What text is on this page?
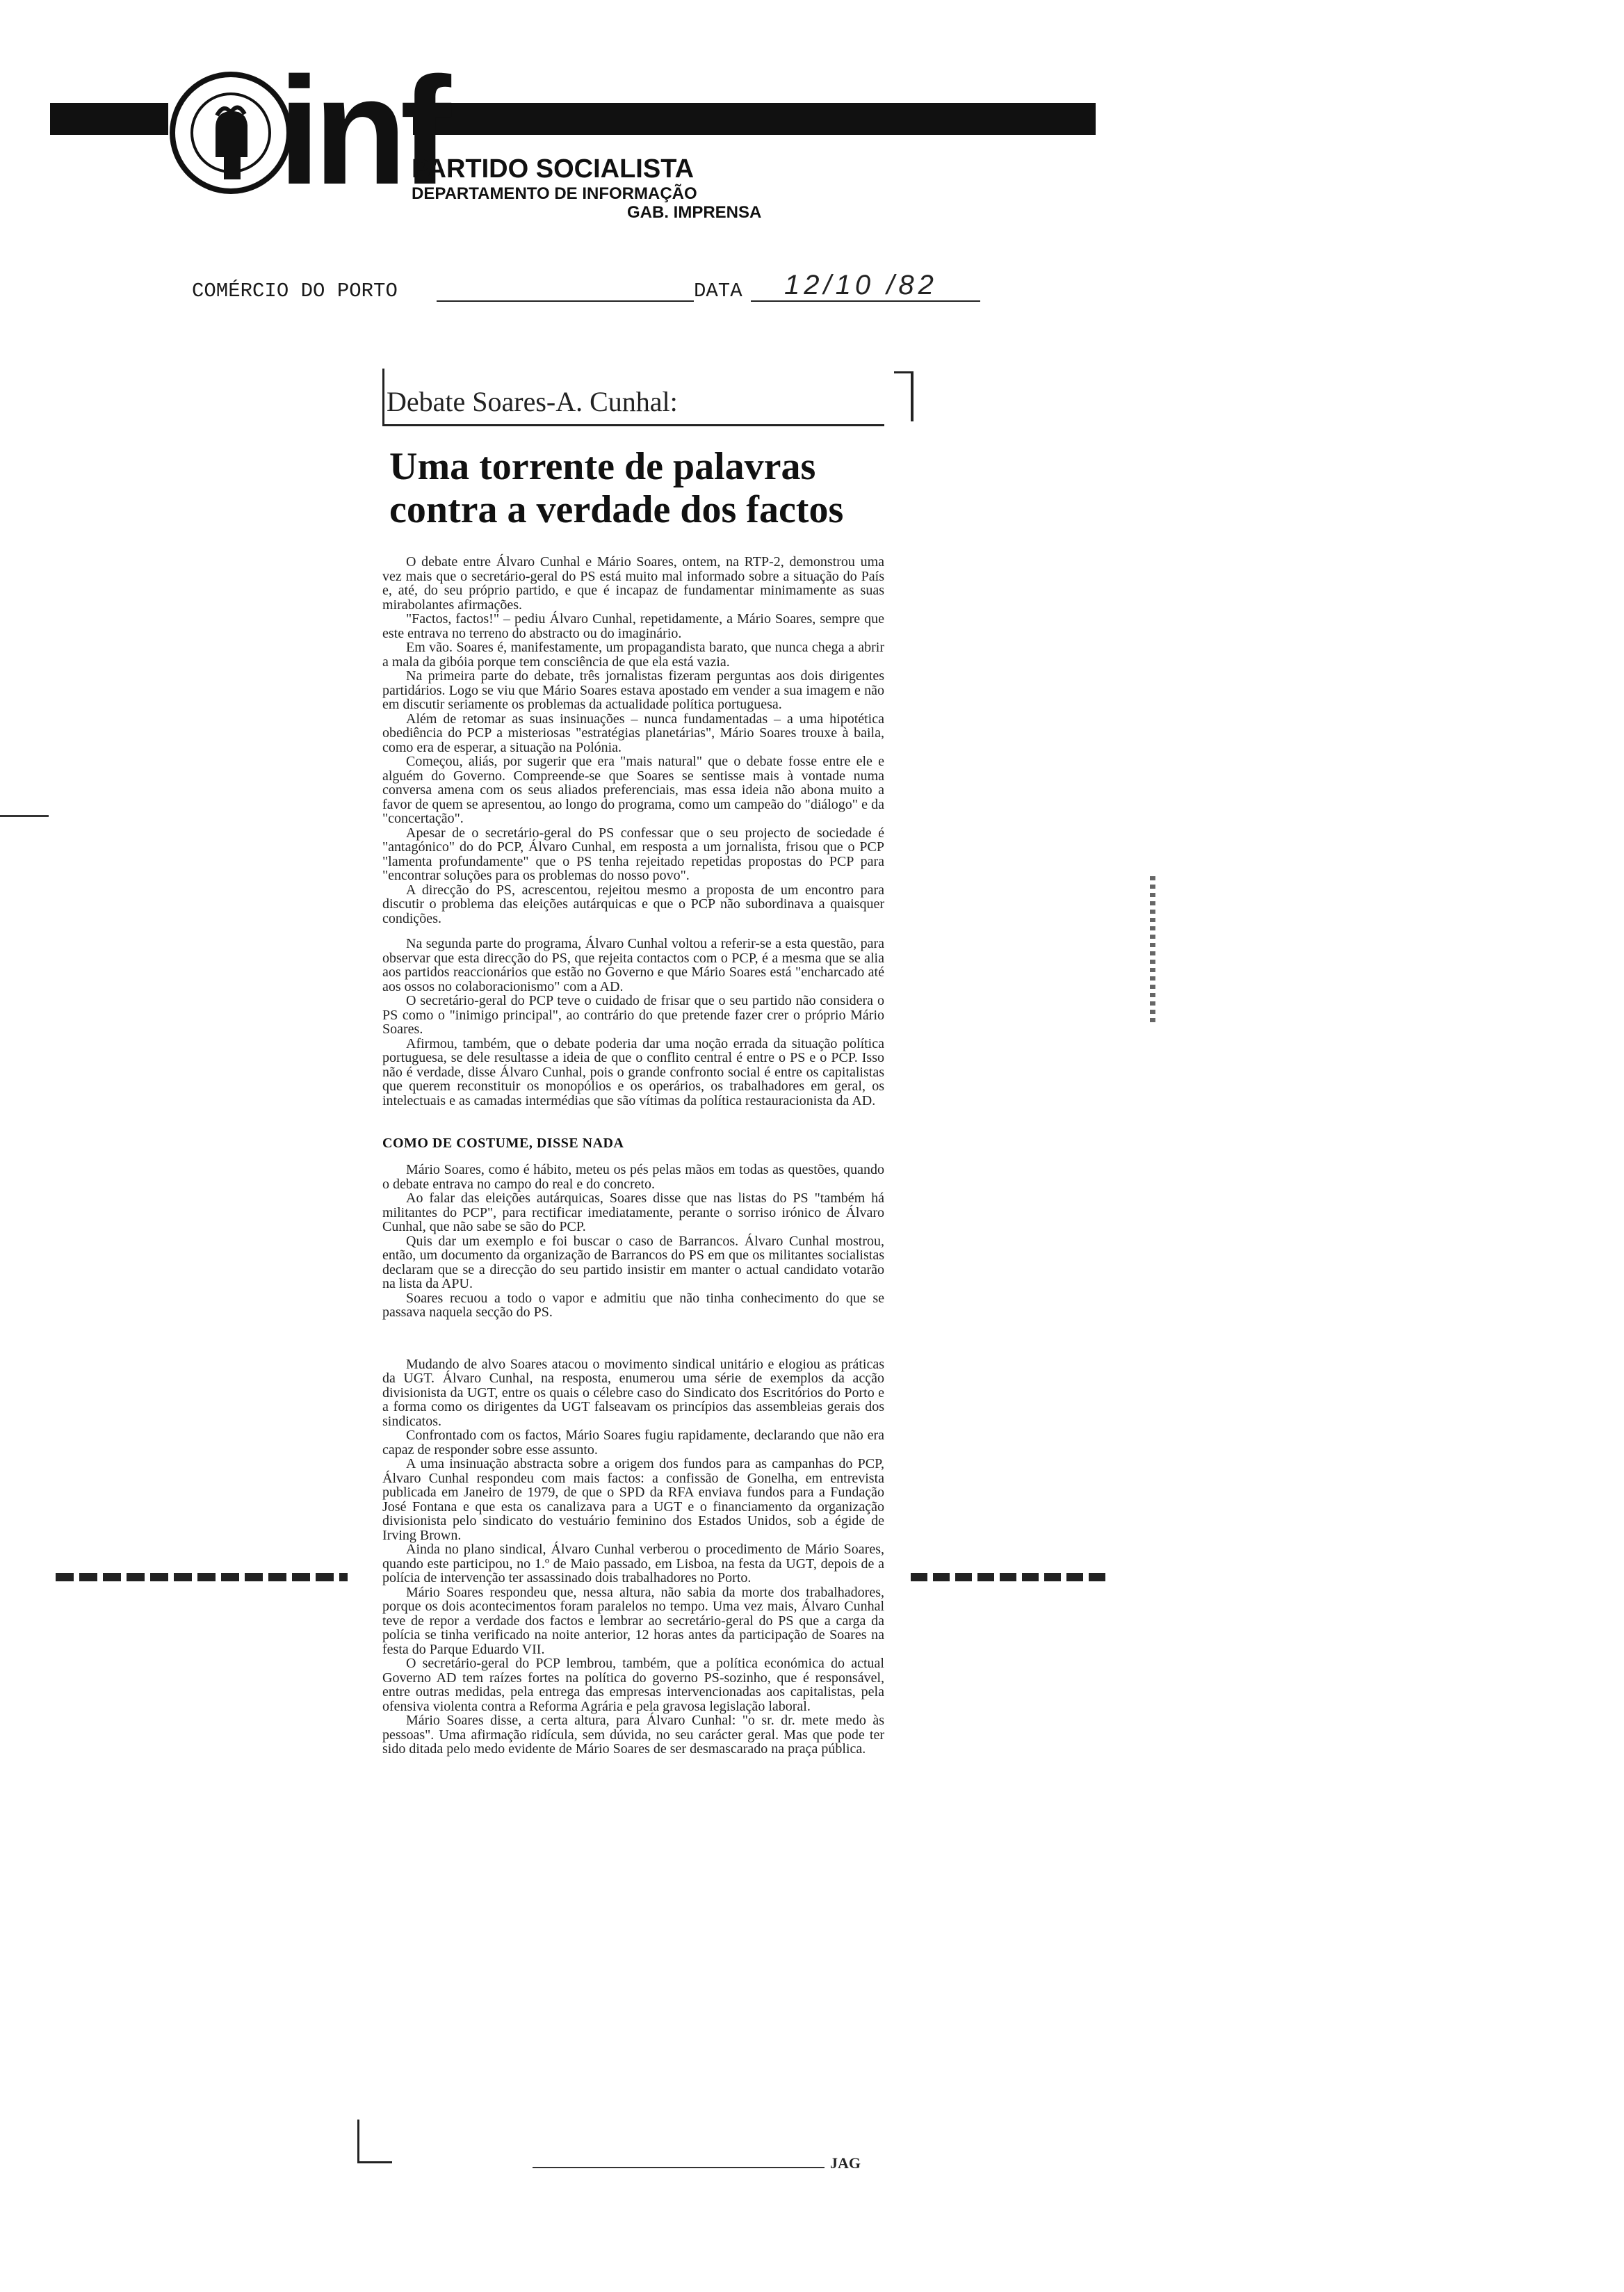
inf
PARTIDO SOCIALISTA
DEPARTAMENTO DE INFORMAÇÃO
GAB. IMPRENSA
COMÉRCIO DO PORTO	DATA 12/10 /82
Debate Soares-A. Cunhal:
Uma torrente de palavras
contra a verdade dos factos

O debate entre Álvaro Cunhal e Mário Soares, ontem, na RTP-2, demonstrou uma vez mais que o secretário-geral do PS está muito mal informado sobre a situação do País e, até, do seu próprio partido, e que é incapaz de fundamentar minimamente as suas mirabolantes afirmações.

"Factos, factos!" – pediu Álvaro Cunhal, repetidamente, a Mário Soares, sempre que este entrava no terreno do abstracto ou do imaginário.

Em vão. Soares é, manifestamente, um propagandista barato, que nunca chega a abrir a mala da gibóia porque tem consciência de que ela está vazia.

Na primeira parte do debate, três jornalistas fizeram perguntas aos dois dirigentes partidários. Logo se viu que Mário Soares estava apostado em vender a sua imagem e não em discutir seriamente os problemas da actualidade política portuguesa.

Além de retomar as suas insinuações – nunca fundamentadas – a uma hipotética obediência do PCP a misteriosas "estratégias planetárias", Mário Soares trouxe à baila, como era de esperar, a situação na Polónia.

Começou, aliás, por sugerir que era "mais natural" que o debate fosse entre ele e alguém do Governo. Compreende-se que Soares se sentisse mais à vontade numa conversa amena com os seus aliados preferenciais, mas essa ideia não abona muito a favor de quem se apresentou, ao longo do programa, como um campeão do "diálogo" e da "concertação".

Apesar de o secretário-geral do PS confessar que o seu projecto de sociedade é "antagónico" do do PCP, Álvaro Cunhal, em resposta a um jornalista, frisou que o PCP "lamenta profundamente" que o PS tenha rejeitado repetidas propostas do PCP para "encontrar soluções para os problemas do nosso povo".

A direcção do PS, acrescentou, rejeitou mesmo a proposta de um encontro para discutir o problema das eleições autárquicas e que o PCP não subordinava a quaisquer condições.

Na segunda parte do programa, Álvaro Cunhal voltou a referir-se a esta questão, para observar que esta direcção do PS, que rejeita contactos com o PCP, é a mesma que se alia aos partidos reaccionários que estão no Governo e que Mário Soares está "encharcado até aos ossos no colaboracionismo" com a AD.

O secretário-geral do PCP teve o cuidado de frisar que o seu partido não considera o PS como o "inimigo principal", ao contrário do que pretende fazer crer o próprio Mário Soares.

Afirmou, também, que o debate poderia dar uma noção errada da situação política portuguesa, se dele resultasse a ideia de que o conflito central é entre o PS e o PCP. Isso não é verdade, disse Álvaro Cunhal, pois o grande confronto social é entre os capitalistas que querem reconstituir os monopólios e os operários, os trabalhadores em geral, os intelectuais e as camadas intermédias que são vítimas da política restauracionista da AD.

COMO DE COSTUME, DISSE NADA

Mário Soares, como é hábito, meteu os pés pelas mãos em todas as questões, quando o debate entrava no campo do real e do concreto.

Ao falar das eleições autárquicas, Soares disse que nas listas do PS "também há militantes do PCP", para rectificar imediatamente, perante o sorriso irónico de Álvaro Cunhal, que não sabe se são do PCP.

Quis dar um exemplo e foi buscar o caso de Barrancos. Álvaro Cunhal mostrou, então, um documento da organização de Barrancos do PS em que os militantes socialistas declaram que se a direcção do seu partido insistir em manter o actual candidato votarão na lista da APU.

Soares recuou a todo o vapor e admitiu que não tinha conhecimento do que se passava naquela secção do PS.

Mudando de alvo Soares atacou o movimento sindical unitário e elogiou as práticas da UGT. Álvaro Cunhal, na resposta, enumerou uma série de exemplos da acção divisionista da UGT, entre os quais o célebre caso do Sindicato dos Escritórios do Porto e a forma como os dirigentes da UGT falseavam os princípios das assembleias gerais dos sindicatos.

Confrontado com os factos, Mário Soares fugiu rapidamente, declarando que não era capaz de responder sobre esse assunto.

A uma insinuação abstracta sobre a origem dos fundos para as campanhas do PCP, Álvaro Cunhal respondeu com mais factos: a confissão de Gonelha, em entrevista publicada em Janeiro de 1979, de que o SPD da RFA enviava fundos para a Fundação José Fontana e que esta os canalizava para a UGT e o financiamento da organização divisionista pelo sindicato do vestuário feminino dos Estados Unidos, sob a égide de Irving Brown.

Ainda no plano sindical, Álvaro Cunhal verberou o procedimento de Mário Soares, quando este participou, no 1.º de Maio passado, em Lisboa, na festa da UGT, depois de a polícia de intervenção ter assassinado dois trabalhadores no Porto.

Mário Soares respondeu que, nessa altura, não sabia da morte dos trabalhadores, porque os dois acontecimentos foram paralelos no tempo. Uma vez mais, Álvaro Cunhal teve de repor a verdade dos factos e lembrar ao secretário-geral do PS que a carga da polícia se tinha verificado na noite anterior, 12 horas antes da participação de Soares na festa do Parque Eduardo VII.

O secretário-geral do PCP lembrou, também, que a política económica do actual Governo AD tem raízes fortes na política do governo PS-sozinho, que é responsável, entre outras medidas, pela entrega das empresas intervencionadas aos capitalistas, pela ofensiva violenta contra a Reforma Agrária e pela gravosa legislação laboral.

Mário Soares disse, a certa altura, para Álvaro Cunhal: "o sr. dr. mete medo às pessoas". Uma afirmação ridícula, sem dúvida, no seu carácter geral. Mas que pode ter sido ditada pelo medo evidente de Mário Soares de ser desmascarado na praça pública.

JAG
